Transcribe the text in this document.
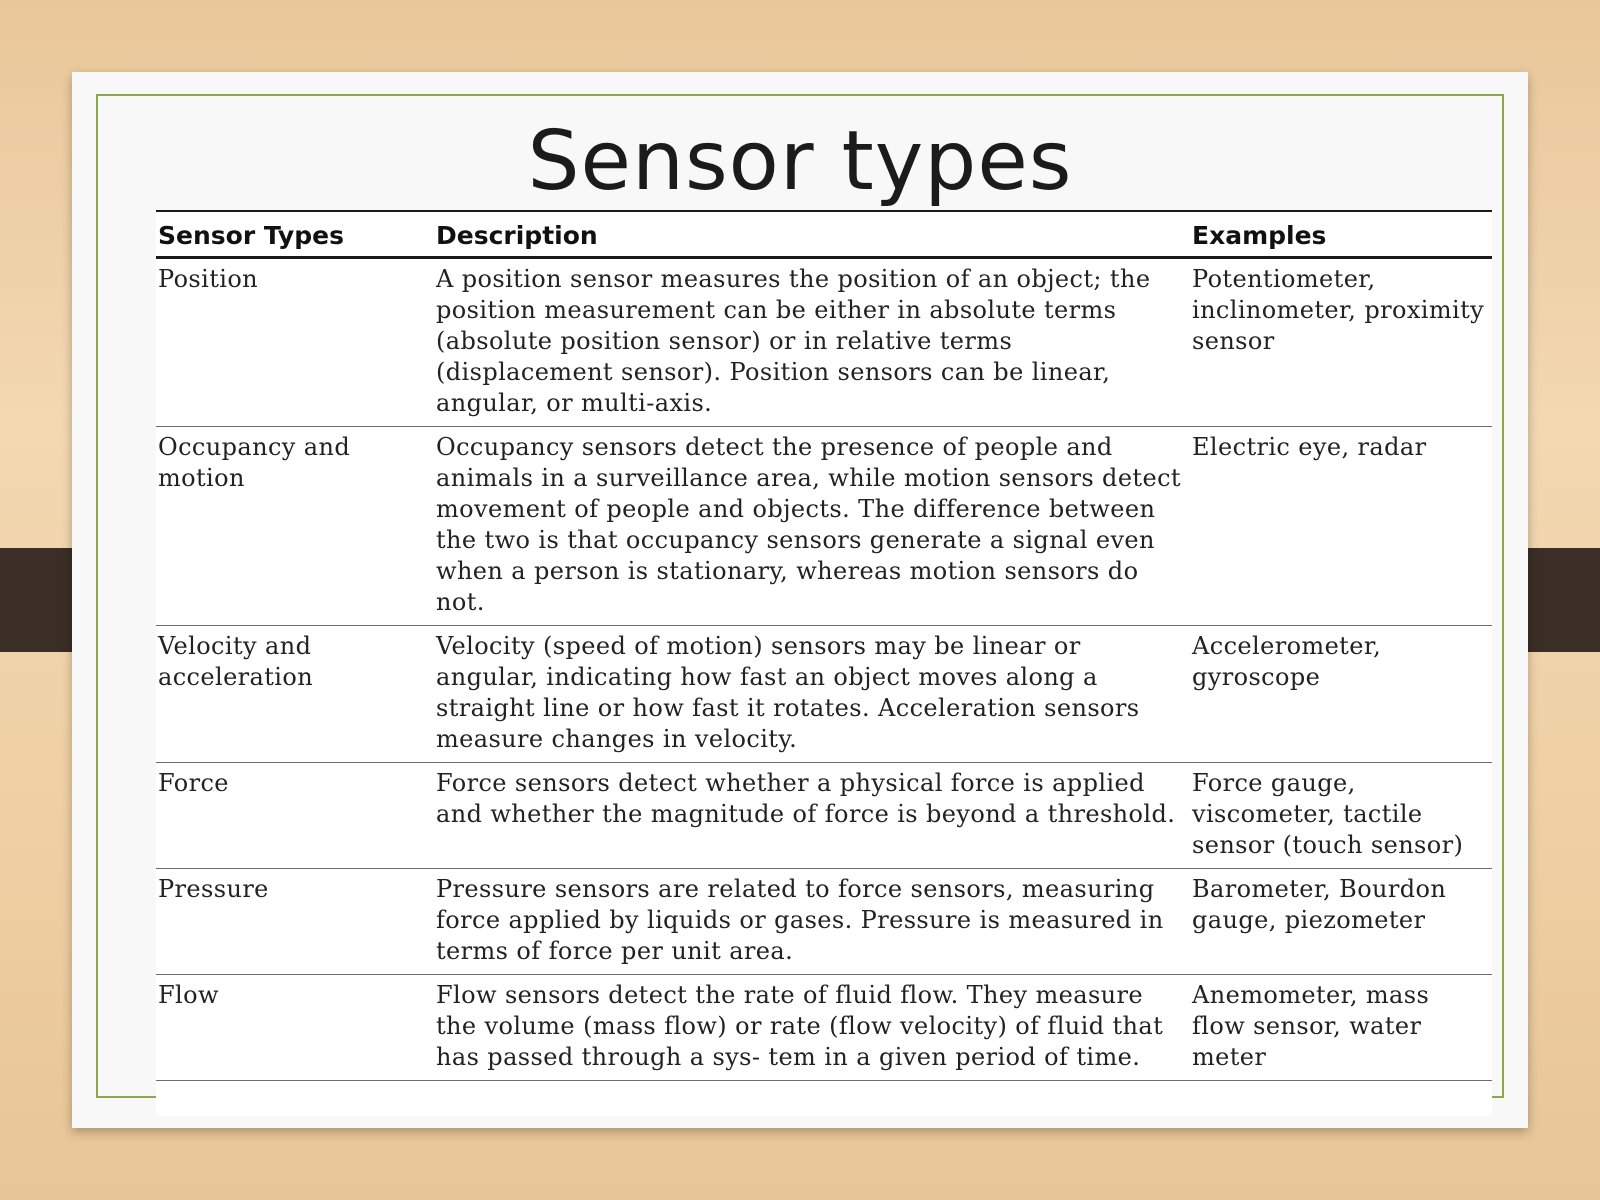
Sensor types
Sensor Types	Description	Examples
Position	A position sensor measures the position of an object; the position measurement can be either in absolute terms (absolute position sensor) or in relative terms (displacement sensor). Position sensors can be linear, angular, or multi-axis.	Potentiometer, inclinometer, proximity sensor
Occupancy and motion	Occupancy sensors detect the presence of people and animals in a surveillance area, while motion sensors detect movement of people and objects. The difference between the two is that occupancy sensors generate a signal even when a person is stationary, whereas motion sensors do not.	Electric eye, radar
Velocity and acceleration	Velocity (speed of motion) sensors may be linear or angular, indicating how fast an object moves along a straight line or how fast it rotates. Acceleration sensors measure changes in velocity.	Accelerometer, gyroscope
Force	Force sensors detect whether a physical force is applied and whether the magnitude of force is beyond a threshold.	Force gauge, viscometer, tactile sensor (touch sensor)
Pressure	Pressure sensors are related to force sensors, measuring force applied by liquids or gases. Pressure is measured in terms of force per unit area.	Barometer, Bourdon gauge, piezometer
Flow	Flow sensors detect the rate of fluid flow. They measure the volume (mass flow) or rate (flow velocity) of fluid that has passed through a sys- tem in a given period of time.	Anemometer, mass flow sensor, water meter
